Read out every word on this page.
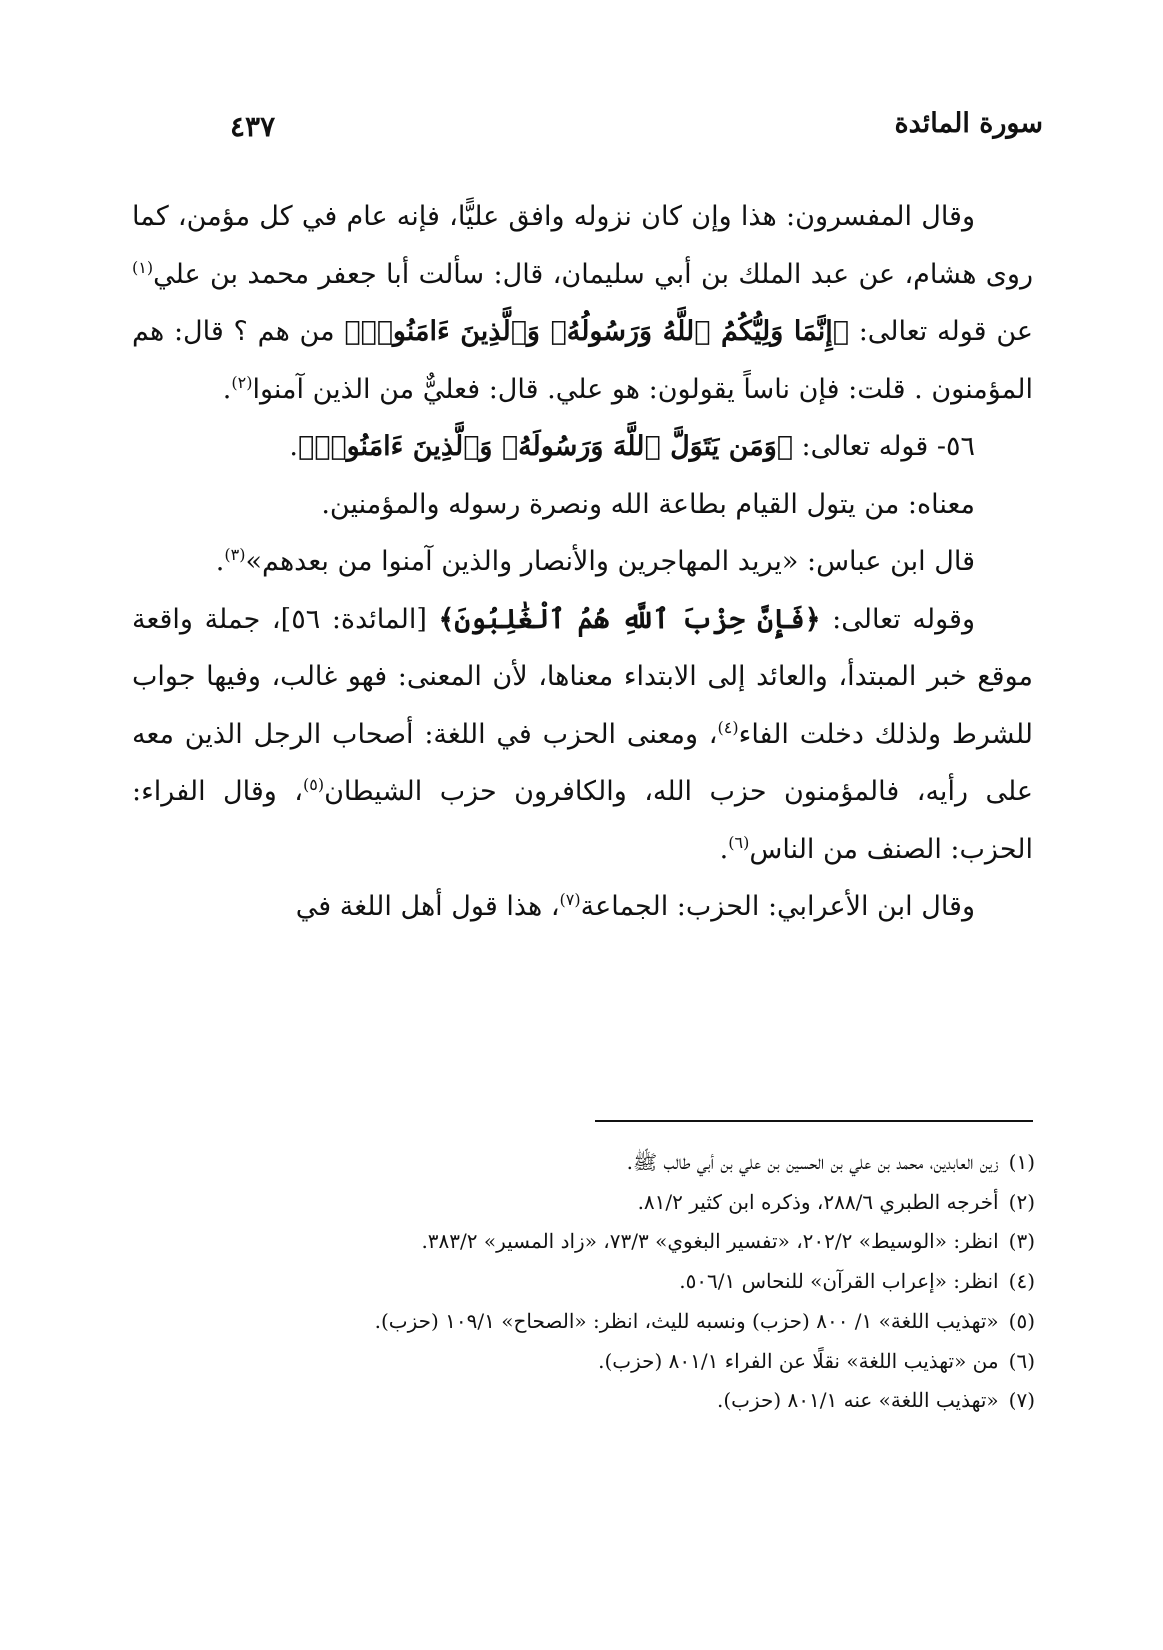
سورة المائدة
٤٣٧

وقال المفسرون: هذا وإن كان نزوله وافق عليًّا، فإنه عام في كل مؤمن، كما روى هشام، عن عبد الملك بن أبي سليمان، قال: سألت أبا جعفر محمد بن علي$^{(١)}$ عن قوله تعالى: ﴿إِنَّمَا وَلِيُّكُمُ ٱللَّهُ وَرَسُولُهُۥ وَٱلَّذِينَ ءَامَنُوا۟﴾ من هم ؟ قال: هم المؤمنون . قلت: فإن ناساً يقولون: هو علي. قال: فعليٌّ من الذين آمنوا$^{(٢)}$.

٥٦- قوله تعالى: ﴿وَمَن يَتَوَلَّ ٱللَّهَ وَرَسُولَهُۥ وَٱلَّذِينَ ءَامَنُوا۟﴾.

معناه: من يتول القيام بطاعة الله ونصرة رسوله والمؤمنين.

قال ابن عباس: «يريد المهاجرين والأنصار والذين آمنوا من بعدهم»$^{(٣)}$.

وقوله تعالى: ﴿فَإِنَّ حِزْبَ ٱللَّهِ هُمُ ٱلْغَٰلِبُونَ﴾ [المائدة: ٥٦]، جملة واقعة موقع خبر المبتدأ، والعائد إلى الابتداء معناها، لأن المعنى: فهو غالب، وفيها جواب للشرط ولذلك دخلت الفاء$^{(٤)}$، ومعنى الحزب في اللغة: أصحاب الرجل الذين معه على رأيه، فالمؤمنون حزب الله، والكافرون حزب الشيطان$^{(٥)}$، وقال الفراء: الحزب: الصنف من الناس$^{(٦)}$.

وقال ابن الأعرابي: الحزب: الجماعة$^{(٧)}$، هذا قول أهل اللغة في

(١)زين العابدين، محمد بن علي بن الحسين بن علي بن أبي طالب ﷺ.
(٢)أخرجه الطبري ٢٨٨/٦، وذكره ابن كثير ٨١/٢.
(٣)انظر: «الوسيط» ٢٠٢/٢، «تفسير البغوي» ٧٣/٣، «زاد المسير» ٣٨٣/٢.
(٤)انظر: «إعراب القرآن» للنحاس ٥٠٦/١.
(٥)«تهذيب اللغة» ١/ ٨٠٠ (حزب) ونسبه لليث، انظر: «الصحاح» ١٠٩/١ (حزب).
(٦)من «تهذيب اللغة» نقلًا عن الفراء ٨٠١/١ (حزب).
(٧)«تهذيب اللغة» عنه ٨٠١/١ (حزب).
